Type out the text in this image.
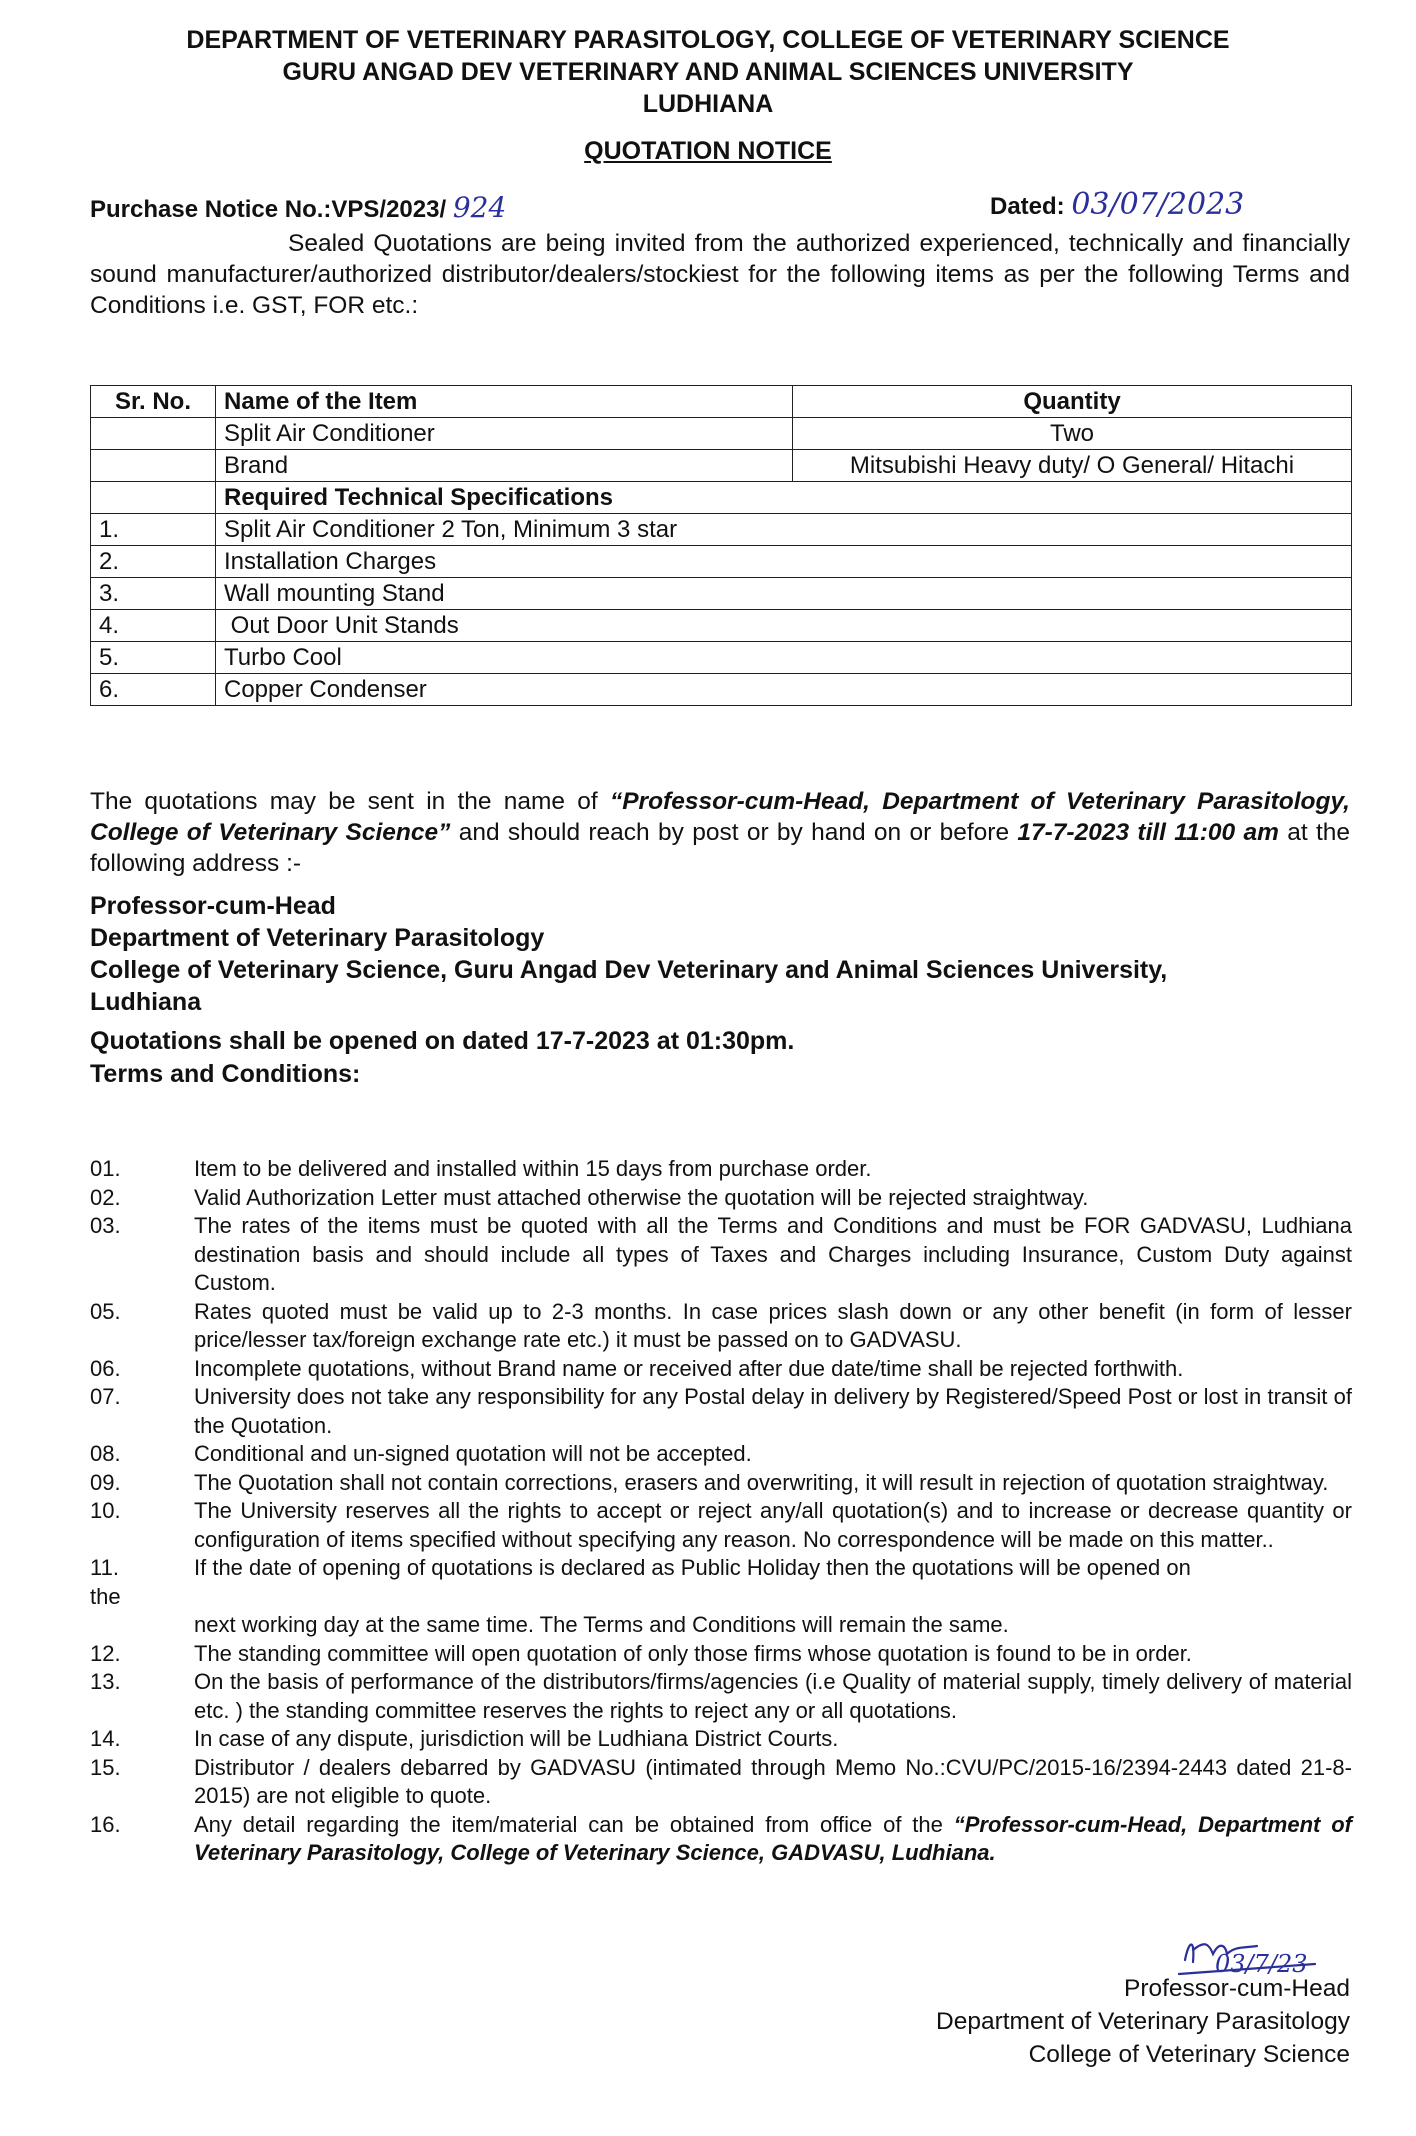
DEPARTMENT OF VETERINARY PARASITOLOGY, COLLEGE OF VETERINARY SCIENCE
GURU ANGAD DEV VETERINARY AND ANIMAL SCIENCES UNIVERSITY
LUDHIANA
QUOTATION NOTICE
Purchase Notice No.:VPS/2023/ 924	Dated: 03/07/2023
Sealed Quotations are being invited from the authorized experienced, technically and financially sound manufacturer/authorized distributor/dealers/stockiest for the following items as per the following Terms and Conditions i.e. GST, FOR etc.:
Sr. No.	Name of the Item	Quantity
	Split Air Conditioner	Two
	Brand	Mitsubishi Heavy duty/ O General/ Hitachi
	Required Technical Specifications	
1.	Split Air Conditioner 2 Ton, Minimum 3 star	
2.	Installation Charges	
3.	Wall mounting Stand	
4.	Out Door Unit Stands	
5.	Turbo Cool	
6.	Copper Condenser	
The quotations may be sent in the name of “Professor-cum-Head, Department of Veterinary Parasitology, College of Veterinary Science” and should reach by post or by hand on or before 17-7-2023 till 11:00 am at the following address :-
Professor-cum-Head
Department of Veterinary Parasitology
College of Veterinary Science, Guru Angad Dev Veterinary and Animal Sciences University,
Ludhiana
Quotations shall be opened on dated 17-7-2023 at 01:30pm.
Terms and Conditions:
01.	Item to be delivered and installed within 15 days from purchase order.
02.	Valid Authorization Letter must attached otherwise the quotation will be rejected straightway.
03.	The rates of the items must be quoted with all the Terms and Conditions and must be FOR GADVASU, Ludhiana destination basis and should include all types of Taxes and Charges including Insurance, Custom Duty against Custom.
05.	Rates quoted must be valid up to 2-3 months. In case prices slash down or any other benefit (in form of lesser price/lesser tax/foreign exchange rate etc.) it must be passed on to GADVASU.
06.	Incomplete quotations, without Brand name or received after due date/time shall be rejected forthwith.
07.	University does not take any responsibility for any Postal delay in delivery by Registered/Speed Post or lost in transit of the Quotation.
08.	Conditional and un-signed quotation will not be accepted.
09.	The Quotation shall not contain corrections, erasers and overwriting, it will result in rejection of quotation straightway.
10.	The University reserves all the rights to accept or reject any/all quotation(s) and to increase or decrease quantity or configuration of items specified without specifying any reason. No correspondence will be made on this matter..
11.	If the date of opening of quotations is declared as Public Holiday then the quotations will be opened on
the
next working day at the same time. The Terms and Conditions will remain the same.
12.	The standing committee will open quotation of only those firms whose quotation is found to be in order.
13.	On the basis of performance of the distributors/firms/agencies (i.e Quality of material supply, timely delivery of material etc. ) the standing committee reserves the rights to reject any or all quotations.
14.	In case of any dispute, jurisdiction will be Ludhiana District Courts.
15.	Distributor / dealers debarred by GADVASU (intimated through Memo No.:CVU/PC/2015-16/2394-2443 dated 21-8-2015) are not eligible to quote.
16.	Any detail regarding the item/material can be obtained from office of the “Professor-cum-Head, Department of Veterinary Parasitology, College of Veterinary Science, GADVASU, Ludhiana.
03/7/23
Professor-cum-Head
Department of Veterinary Parasitology
College of Veterinary Science
